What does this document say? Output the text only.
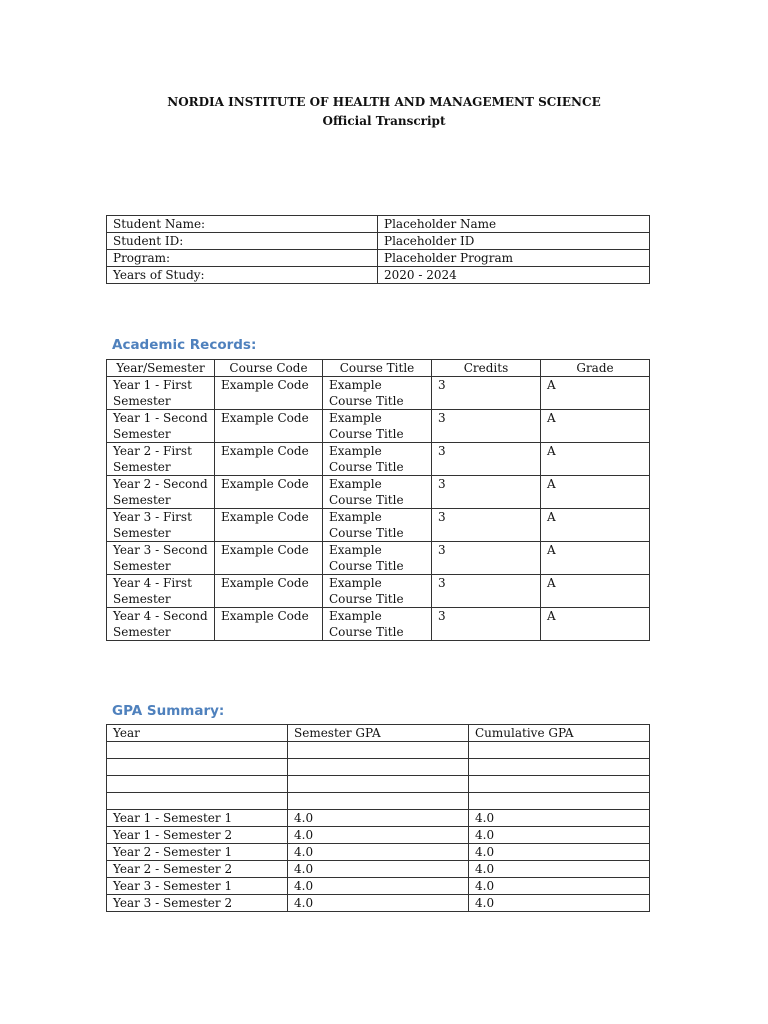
NORDIA INSTITUTE OF HEALTH AND MANAGEMENT SCIENCE
Official Transcript
Student Name:	Placeholder Name
Student ID:	Placeholder ID
Program:	Placeholder Program
Years of Study:	2020 - 2024
Academic Records:
Year/Semester	Course Code	Course Title	Credits	Grade
Year 1 - First Semester	Example Code	Example Course Title	3	A
Year 1 - Second Semester	Example Code	Example Course Title	3	A
Year 2 - First Semester	Example Code	Example Course Title	3	A
Year 2 - Second Semester	Example Code	Example Course Title	3	A
Year 3 - First Semester	Example Code	Example Course Title	3	A
Year 3 - Second Semester	Example Code	Example Course Title	3	A
Year 4 - First Semester	Example Code	Example Course Title	3	A
Year 4 - Second Semester	Example Code	Example Course Title	3	A
GPA Summary:
Year	Semester GPA	Cumulative GPA

Year 1 - Semester 1	4.0	4.0
Year 1 - Semester 2	4.0	4.0
Year 2 - Semester 1	4.0	4.0
Year 2 - Semester 2	4.0	4.0
Year 3 - Semester 1	4.0	4.0
Year 3 - Semester 2	4.0	4.0
